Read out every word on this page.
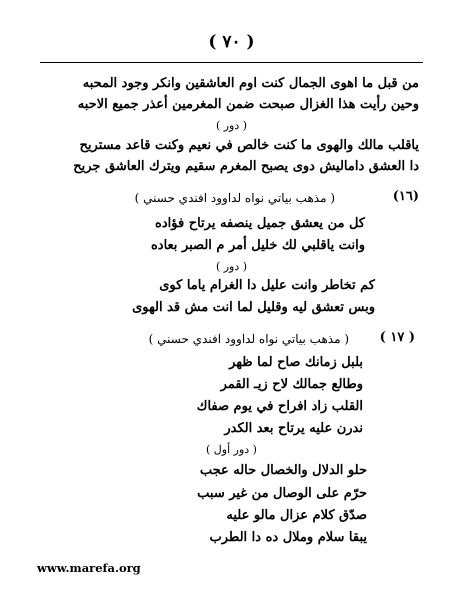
( ٧٠ )
من قبل ما اهوى الجمال كنت اوم العاشقين وانكر وجود المحبه
وحين رأيت هذا الغزال صبحت ضمن المغرمين أعذر جميع الاحبه
( دور )
ياقلب مالك والهوى ما كنت خالص في نعيم وكنت قاعد مستريح
دا العشق داماليش دوى يصبح المغرم سقيم ويترك العاشق جريح
(١٦)
( مذهب بياتي نواه لداوود افندي حسني )
كل من يعشق جميل ينصفه يرتاح فؤاده
وانت ياقلبي لك خليل أمر م الصبر بعاده
( دور )
كم تخاطر وانت عليل دا الغرام ياما كوى
وبس تعشق ليه وقليل لما انت مش قد الهوى
( ١٧ )
( مذهب بياتي نواه لداوود افندي حسني )
بلبل زمانك صاح لما ظهر
وطالع جمالك لاح زيـ القمر
القلب زاد افراح في يوم صفاك
ندرن عليه يرتاح بعد الكدر
( دور أول )
حلو الدلال والخصال حاله عجب
حرّم على الوصال من غير سبب
صدّق كلام عزال مالو عليه
يبقا سلام وملال ده دا الطرب
www.marefa.org
